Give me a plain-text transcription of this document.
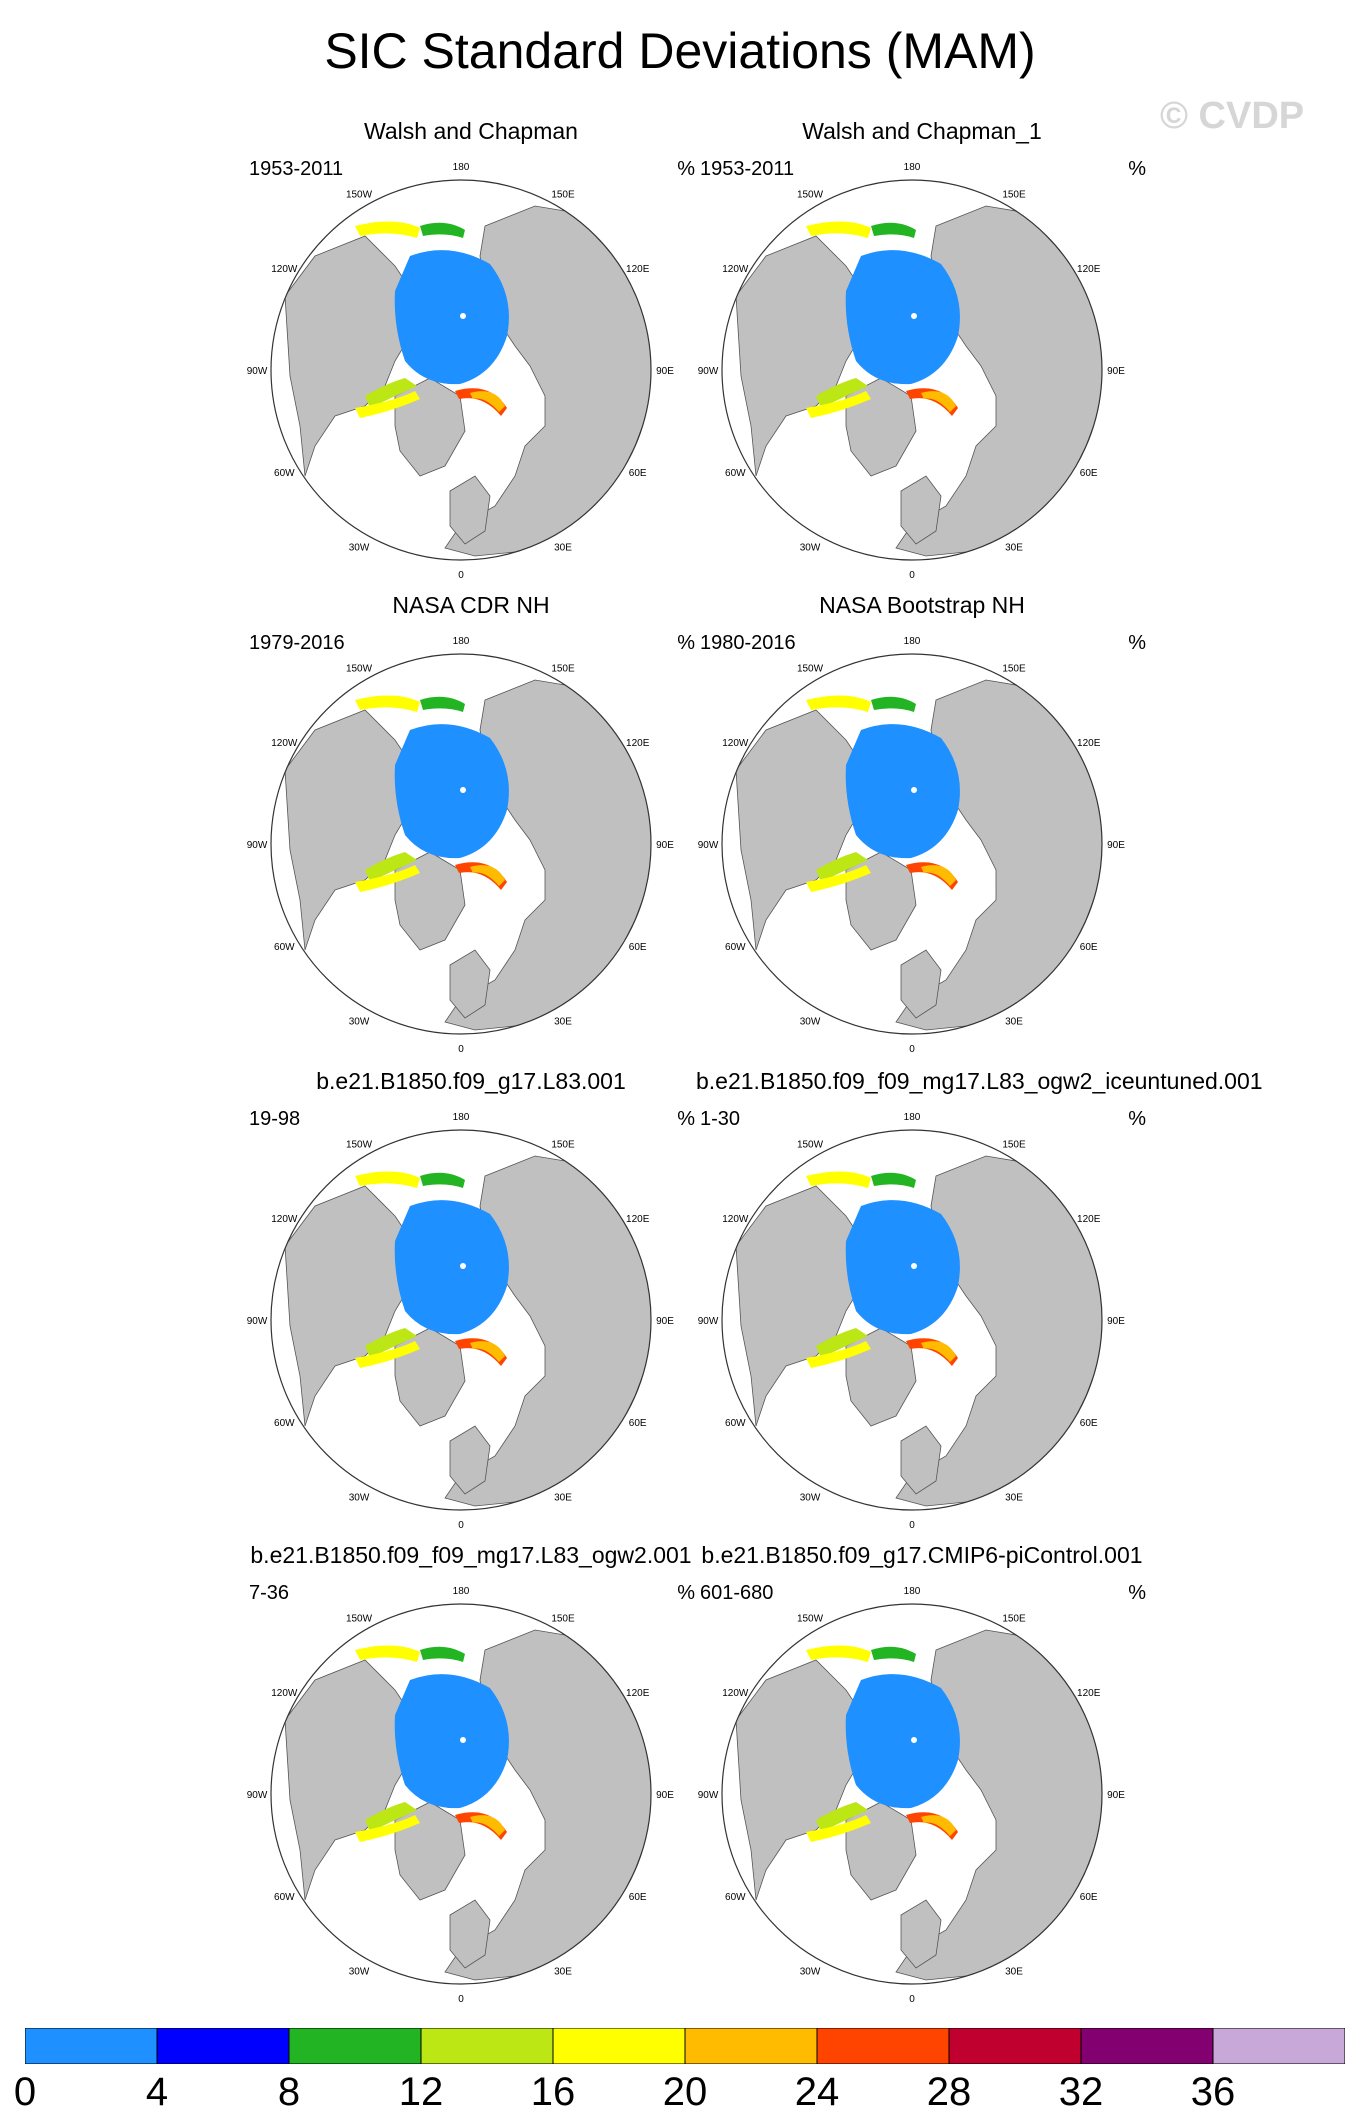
SIC Standard Deviations (MAM)
© CVDP
Walsh and Chapman
1953-2011	%
180
150E
120E
90E
60E
30E
0
30W
60W
90W
120W
150W
Walsh and Chapman_1
1953-2011	%
180
150E
120E
90E
60E
30E
0
30W
60W
90W
120W
150W
NASA CDR NH
1979-2016	%
180
150E
120E
90E
60E
30E
0
30W
60W
90W
120W
150W
NASA Bootstrap NH
1980-2016	%
180
150E
120E
90E
60E
30E
0
30W
60W
90W
120W
150W
b.e21.B1850.f09_g17.L83.001
19-98	%
180
150E
120E
90E
60E
30E
0
30W
60W
90W
120W
150W
b.e21.B1850.f09_f09_mg17.L83_ogw2_iceuntuned.001
1-30	%
180
150E
120E
90E
60E
30E
0
30W
60W
90W
120W
150W
b.e21.B1850.f09_f09_mg17.L83_ogw2.001
7-36	%
180
150E
120E
90E
60E
30E
0
30W
60W
90W
120W
150W
b.e21.B1850.f09_g17.CMIP6-piControl.001
601-680	%
180
150E
120E
90E
60E
30E
0
30W
60W
90W
120W
150W
0	4	8 12 16 20 24 28 32 36
